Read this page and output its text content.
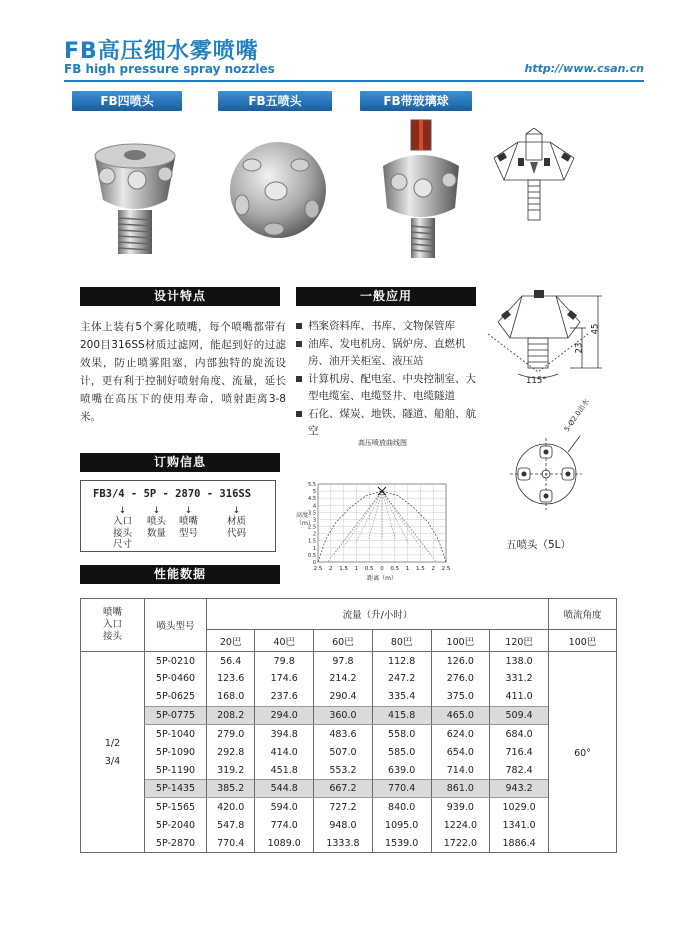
FB高压细水雾喷嘴
FB high pressure spray nozzles	http://www.csan.cn
FB四喷头	FB五喷头	FB带玻璃球
115°
23
45
5-Ø2.0出水
五喷头（5L）
设计特点	一般应用
订购信息
性能数据
主体上装有5个雾化喷嘴，每个喷嘴都带有200目316SS材质过滤网，能起到好的过滤效果，防止喷雾阻塞，内部独特的旋流设计，更有利于控制好喷射角度、流量，延长喷嘴在高压下的使用寿命，喷射距离3-8米。
档案资料库、书库、文物保管库
油库、发电机房、锅炉房、直燃机房、油开关柜室、液压站
计算机房、配电室、中央控制室、大型电缆室、电缆竖井、电缆隧道
石化、煤炭、地铁、隧道、船舶、航空
FB3/4 - 5P - 2870 - 316SS
↓
入口
接头
尺寸
↓
喷头
数量
↓
喷嘴
型号
↓
材质
代码
高压喷放曲线图
2.5 2 1.5 1 0.5 0 0.5 1 1.5 2 2.5
5.5
5
4.5
4
3.5
3
2.5
2
1.5
1
0.5
0
距离（m）
高度（m）
喷嘴
入口
接头	喷头型号	流量（升/小时）						喷流角度
		20巴	40巴	60巴	80巴	100巴	120巴	100巴

1/2
3/4	5P-0210	56.4	79.8	97.8	112.8	126.0	138.0	60°
	5P-0460	123.6	174.6	214.2	247.2	276.0	331.2	
	5P-0625	168.0	237.6	290.4	335.4	375.0	411.0	
	5P-0775	208.2	294.0	360.0	415.8	465.0	509.4	
	5P-1040	279.0	394.8	483.6	558.0	624.0	684.0	
	5P-1090	292.8	414.0	507.0	585.0	654.0	716.4	
	5P-1190	319.2	451.8	553.2	639.0	714.0	782.4	
	5P-1435	385.2	544.8	667.2	770.4	861.0	943.2	
	5P-1565	420.0	594.0	727.2	840.0	939.0	1029.0	
	5P-2040	547.8	774.0	948.0	1095.0	1224.0	1341.0	
	5P-2870	770.4	1089.0	1333.8	1539.0	1722.0	1886.4	
